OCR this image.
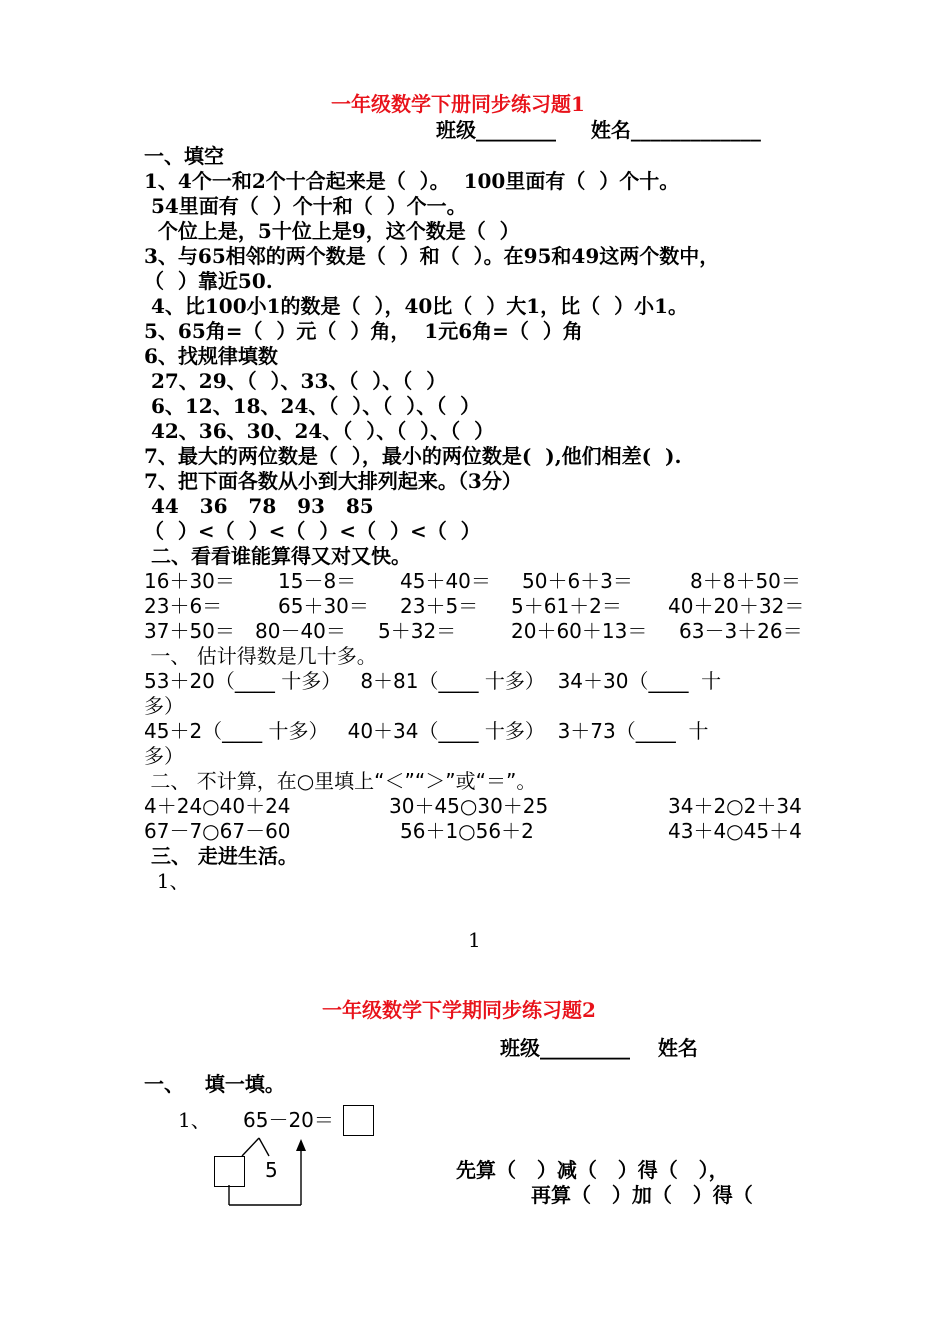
一年级数学下册同步练习题1
班级________     姓名_____________
一、填空
1、4个一和2个十合起来是（  ）。  100里面有（  ）个十。
54里面有（  ）个十和（  ）个一。
个位上是，5十位上是9，这个数是（  ）
3、与65相邻的两个数是（  ）和（  ）。在95和49这两个数中，
（  ）靠近50.
4、比100小1的数是（  ），40比（  ）大1，比（  ）小1。
5、65角=（  ）元（  ）角，  1元6角=（  ）角
6、找规律填数
27、29、（  ）、33、（  ）、（  ）
6、12、18、24、（  ）、（  ）、（  ）
42、36、30、24、（  ）、（  ）、（  ）
7、最大的两位数是（  ），最小的两位数是(  ),他们相差(  ).
7、把下面各数从小到大排列起来。（3分）
44   36   78   93   85
（  ）<（  ）<（  ）<（  ）<（  ）
二、看看谁能算得又对又快。
16＋30＝ 15－8＝ 45＋40＝ 50＋6＋3＝	8＋8＋50＝
23＋6＝	65＋30＝ 23＋5＝ 5＋61＋2＝ 40＋20＋32＝
37＋50＝ 80－40＝ 5＋32＝	20＋60＋13＝ 63－3＋26＝
一、 估计得数是几十多。
53＋20（____ 十多）   8＋81（____ 十多）  34＋30（____  十
多）
45＋2（____ 十多）   40＋34（____ 十多）  3＋73（____  十
多）
二、 不计算，在○里填上“＜”“＞”或“＝”。
4＋24○40＋24	30＋45○30＋25	34＋2○2＋34
67－7○67－60	56＋1○56＋2	43＋4○45＋4
三、 走进生活。
1、
1
一年级数学下学期同步练习题2
班级_________    姓名
一、   填一填。
1、 65－20＝
5	先算（   ）减（   ）得（   ），
再算（   ）加（   ）得（
